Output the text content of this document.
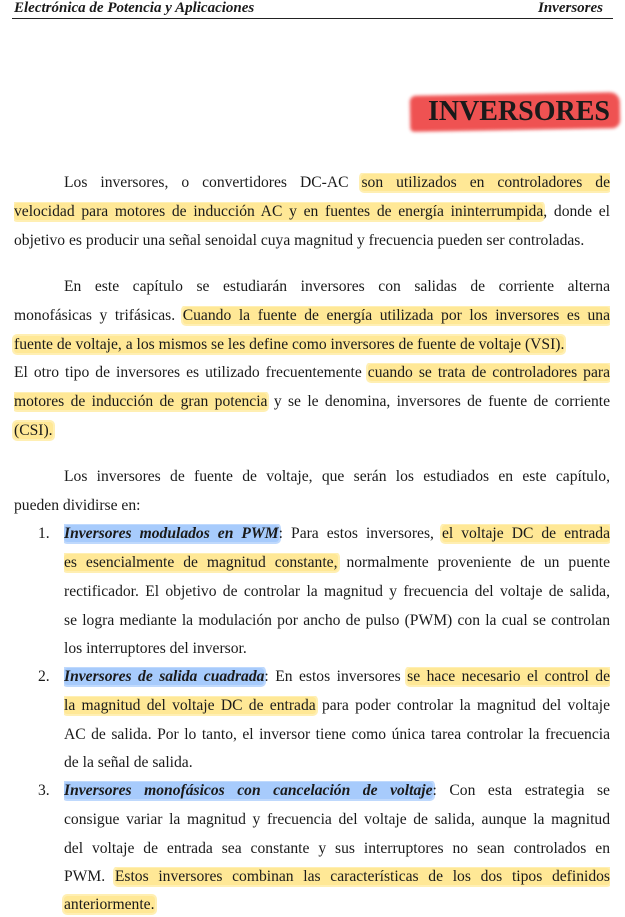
Electrónica de Potencia y Aplicaciones	Inversores
INVERSORES
Los inversores, o convertidores DC-AC son utilizados en controladores de
velocidad para motores de inducción AC y en fuentes de energía ininterrumpida, donde el
objetivo es producir una señal senoidal cuya magnitud y frecuencia pueden ser controladas.
En este capítulo se estudiarán inversores con salidas de corriente alterna
monofásicas y trifásicas. Cuando la fuente de energía utilizada por los inversores es una
fuente de voltaje, a los mismos se les define como inversores de fuente de voltaje (VSI).
El otro tipo de inversores es utilizado frecuentemente cuando se trata de controladores para
motores de inducción de gran potencia y se le denomina, inversores de fuente de corriente
(CSI).
Los inversores de fuente de voltaje, que serán los estudiados en este capítulo,
pueden dividirse en:
1. Inversores modulados en PWM: Para estos inversores, el voltaje DC de entrada
es esencialmente de magnitud constante, normalmente proveniente de un puente
rectificador. El objetivo de controlar la magnitud y frecuencia del voltaje de salida,
se logra mediante la modulación por ancho de pulso (PWM) con la cual se controlan
los interruptores del inversor.
2. Inversores de salida cuadrada: En estos inversores se hace necesario el control de
la magnitud del voltaje DC de entrada para poder controlar la magnitud del voltaje
AC de salida. Por lo tanto, el inversor tiene como única tarea controlar la frecuencia
de la señal de salida.
3. Inversores monofásicos con cancelación de voltaje: Con esta estrategia se
consigue variar la magnitud y frecuencia del voltaje de salida, aunque la magnitud
del voltaje de entrada sea constante y sus interruptores no sean controlados en
PWM. Estos inversores combinan las características de los dos tipos definidos
anteriormente.
